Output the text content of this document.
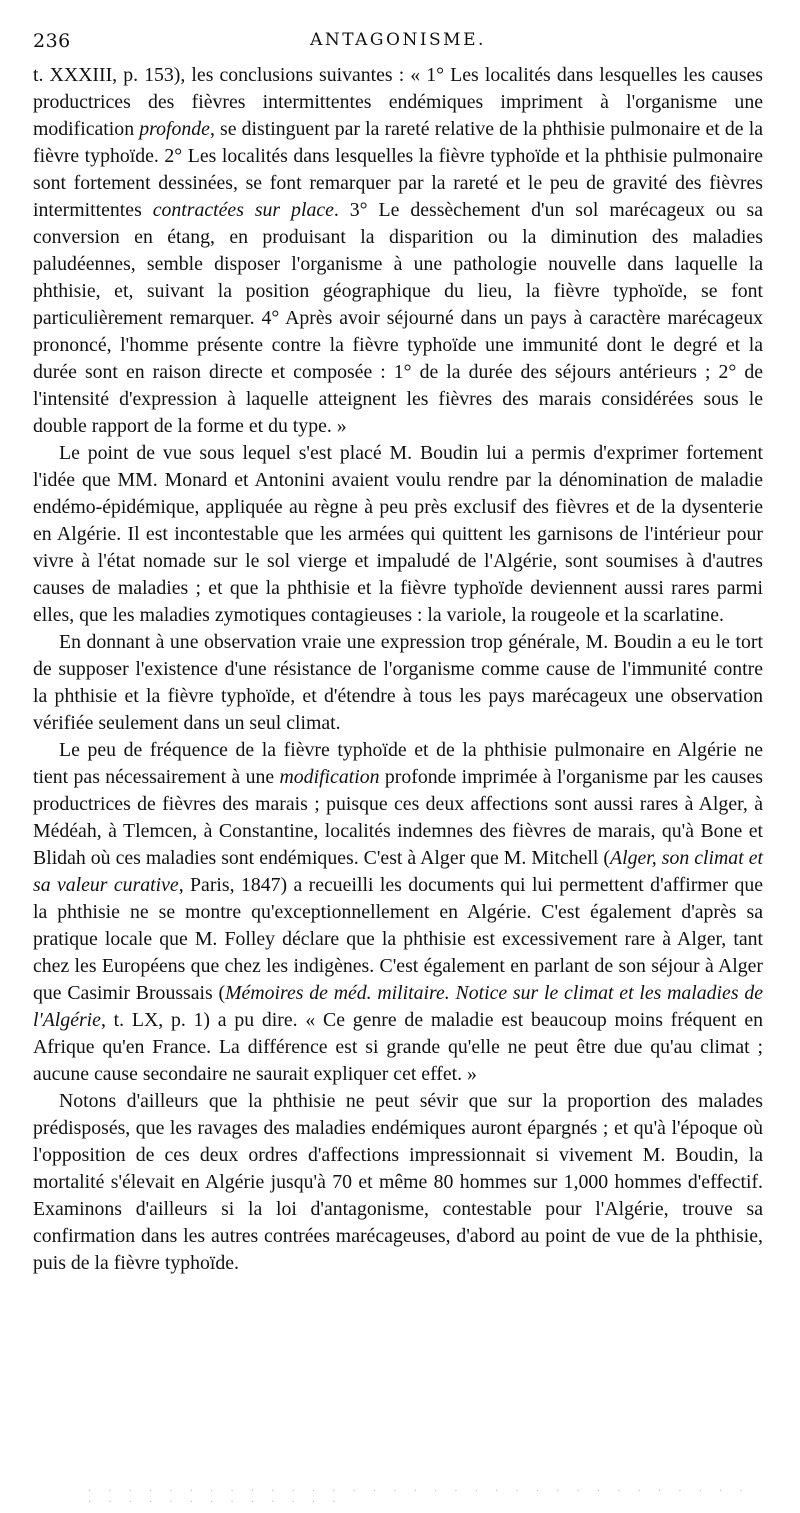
236	ANTAGONISME.

t. XXXIII, p. 153), les conclusions suivantes : « 1° Les localités dans lesquelles les causes productrices des fièvres intermittentes endémiques impriment à l'organisme une modification profonde, se distinguent par la rareté relative de la phthisie pulmonaire et de la fièvre typhoïde. 2° Les localités dans lesquelles la fièvre typhoïde et la phthisie pulmonaire sont fortement dessinées, se font remarquer par la rareté et le peu de gravité des fièvres intermittentes contractées sur place. 3° Le dessèchement d'un sol marécageux ou sa conversion en étang, en produisant la disparition ou la diminution des maladies paludéennes, semble disposer l'organisme à une pathologie nouvelle dans laquelle la phthisie, et, suivant la position géographique du lieu, la fièvre typhoïde, se font particulièrement remarquer. 4° Après avoir séjourné dans un pays à caractère marécageux prononcé, l'homme présente contre la fièvre typhoïde une immunité dont le degré et la durée sont en raison directe et composée : 1° de la durée des séjours antérieurs ; 2° de l'intensité d'expression à laquelle atteignent les fièvres des marais considérées sous le double rapport de la forme et du type. »

Le point de vue sous lequel s'est placé M. Boudin lui a permis d'exprimer fortement l'idée que MM. Monard et Antonini avaient voulu rendre par la dénomination de maladie endémo-épidémique, appliquée au règne à peu près exclusif des fièvres et de la dysenterie en Algérie. Il est incontestable que les armées qui quittent les garnisons de l'intérieur pour vivre à l'état nomade sur le sol vierge et impaludé de l'Algérie, sont soumises à d'autres causes de maladies ; et que la phthisie et la fièvre typhoïde deviennent aussi rares parmi elles, que les maladies zymotiques contagieuses : la variole, la rougeole et la scarlatine.

En donnant à une observation vraie une expression trop générale, M. Boudin a eu le tort de supposer l'existence d'une résistance de l'organisme comme cause de l'immunité contre la phthisie et la fièvre typhoïde, et d'étendre à tous les pays marécageux une observation vérifiée seulement dans un seul climat.

Le peu de fréquence de la fièvre typhoïde et de la phthisie pulmonaire en Algérie ne tient pas nécessairement à une modification profonde imprimée à l'organisme par les causes productrices de fièvres des marais ; puisque ces deux affections sont aussi rares à Alger, à Médéah, à Tlemcen, à Constantine, localités indemnes des fièvres de marais, qu'à Bone et Blidah où ces maladies sont endémiques. C'est à Alger que M. Mitchell (Alger, son climat et sa valeur curative, Paris, 1847) a recueilli les documents qui lui permettent d'affirmer que la phthisie ne se montre qu'exceptionnellement en Algérie. C'est également d'après sa pratique locale que M. Folley déclare que la phthisie est excessivement rare à Alger, tant chez les Européens que chez les indigènes. C'est également en parlant de son séjour à Alger que Casimir Broussais (Mémoires de méd. militaire. Notice sur le climat et les maladies de l'Algérie, t. LX, p. 1) a pu dire. « Ce genre de maladie est beaucoup moins fréquent en Afrique qu'en France. La différence est si grande qu'elle ne peut être due qu'au climat ; aucune cause secondaire ne saurait expliquer cet effet. »

Notons d'ailleurs que la phthisie ne peut sévir que sur la proportion des malades prédisposés, que les ravages des maladies endémiques auront épargnés ; et qu'à l'époque où l'opposition de ces deux ordres d'affections impressionnait si vivement M. Boudin, la mortalité s'élevait en Algérie jusqu'à 70 et même 80 hommes sur 1,000 hommes d'effectif. Examinons d'ailleurs si la loi d'antagonisme, contestable pour l'Algérie, trouve sa confirmation dans les autres contrées marécageuses, d'abord au point de vue de la phthisie, puis de la fièvre typhoïde.

· · · · · · · · · · · · · · · · · · · · · · · · · · · · · · · · · · · · · · · · · · · · · ·
